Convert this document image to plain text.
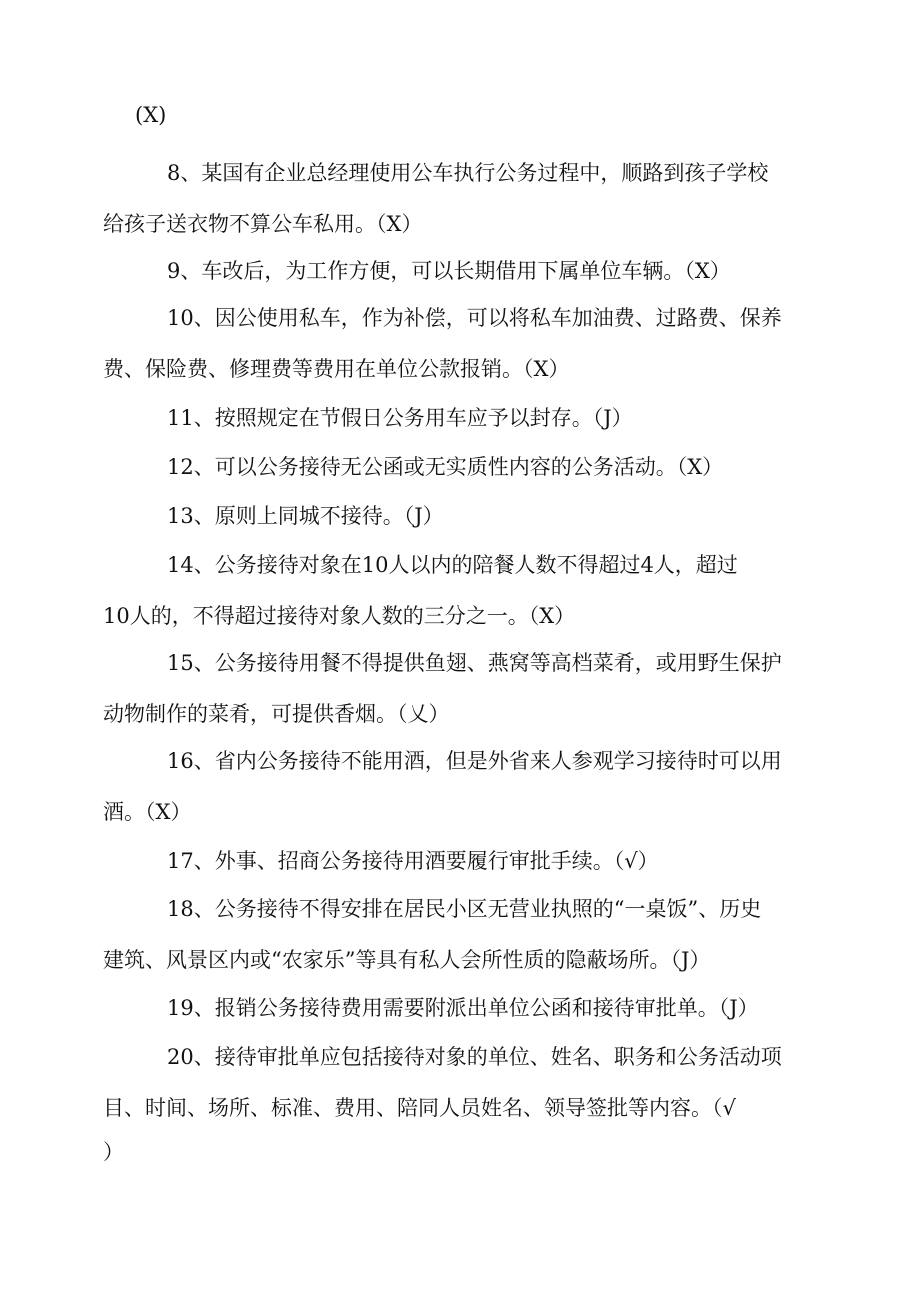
(X)

8、某国有企业总经理使用公车执行公务过程中，顺路到孩子学校
给孩子送衣物不算公车私用。（X）

9、车改后，为工作方便，可以长期借用下属单位车辆。（X）

10、因公使用私车，作为补偿，可以将私车加油费、过路费、保养
费、保险费、修理费等费用在单位公款报销。（X）

11、按照规定在节假日公务用车应予以封存。（J）

12、可以公务接待无公函或无实质性内容的公务活动。（X）

13、原则上同城不接待。（J）

14、公务接待对象在10人以内的陪餐人数不得超过4人，超过
10人的，不得超过接待对象人数的三分之一。（X）

15、公务接待用餐不得提供鱼翅、燕窝等高档菜肴，或用野生保护
动物制作的菜肴，可提供香烟。（乂）

16、省内公务接待不能用酒，但是外省来人参观学习接待时可以用
酒。（X）

17、外事、招商公务接待用酒要履行审批手续。（√）

18、公务接待不得安排在居民小区无营业执照的“一桌饭”、历史
建筑、风景区内或“农家乐”等具有私人会所性质的隐蔽场所。（J）

19、报销公务接待费用需要附派出单位公函和接待审批单。（J）

20、接待审批单应包括接待对象的单位、姓名、职务和公务活动项
目、时间、场所、标准、费用、陪同人员姓名、领导签批等内容。（√
）
